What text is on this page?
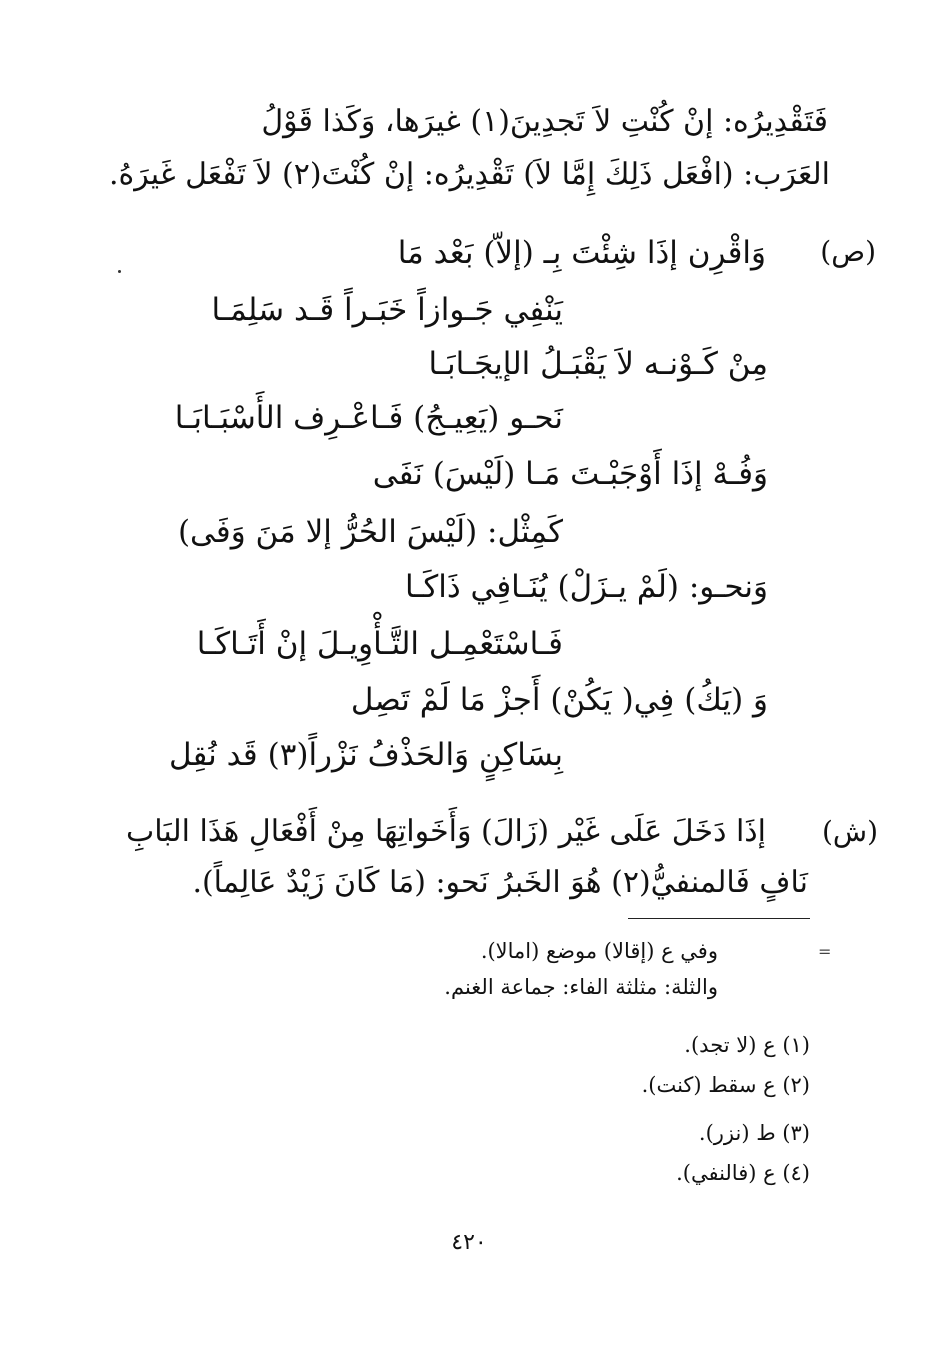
فَتَقْدِيرُه: إنْ كُنْتِ لاَ تَجدِينَ(١) غيرَها، وَكَذا قَوْلُ
العَرَب: (افْعَل ذَلِكَ إِمَّا لاَ) تَقْدِيرُه: إنْ كُنْتَ(٢) لاَ تَفْعَل غَيرَهُ.
(ص)
وَاقْرِن إذَا شِئْتَ بِـ (إلاّ) بَعْد مَا
يَنْفِي جَـوازاً خَبَـراً قَـد سَلِمَـا
مِنْ كَـوْنـه لاَ يَقْبَـلُ الإيجَـابَـا
نَحـو (يَعِيـجُ) فَـاعْـرِف الأَسْبَـابَـا
وَفُـهْ إذَا أَوْجَبْـتَ مَـا (لَيْسَ) نَفَى
كَمِثْل: (لَيْسَ الحُرُّ إلا مَنَ وَفَى)
وَنحـو: (لَمْ يـزَلْ) يُنَـافِي ذَاكَـا
فَـاسْتَعْمِـل التَّـأْوِيـلَ إنْ أَتَـاكَـا
وَ (يَكُ) فِي( يَكُنْ) أَجزْ مَا لَمْ تَصِل
بِسَاكِنٍ وَالحَذْفُ نَزْراً(٣) قَد نُقِل
(ش)
إذَا دَخَلَ عَلَى غَيْر (زَالَ) وَأَخَواتِهَا مِنْ أَفْعَالِ هَذَا البَابِ
نَافٍ فَالمنفيُّ(٢) هُوَ الخَبرُ نَحو: (مَا كَانَ زَيْدٌ عَالِماً).
=
وفي ع (إقالا) موضع (امالا).
والثلة: مثلثة الفاء: جماعة الغنم.
(١) ع (لا تجد).
(٢) ع سقط (كنت).
(٣) ط (نزر).
(٤) ع (فالنفي).
٤٢٠
